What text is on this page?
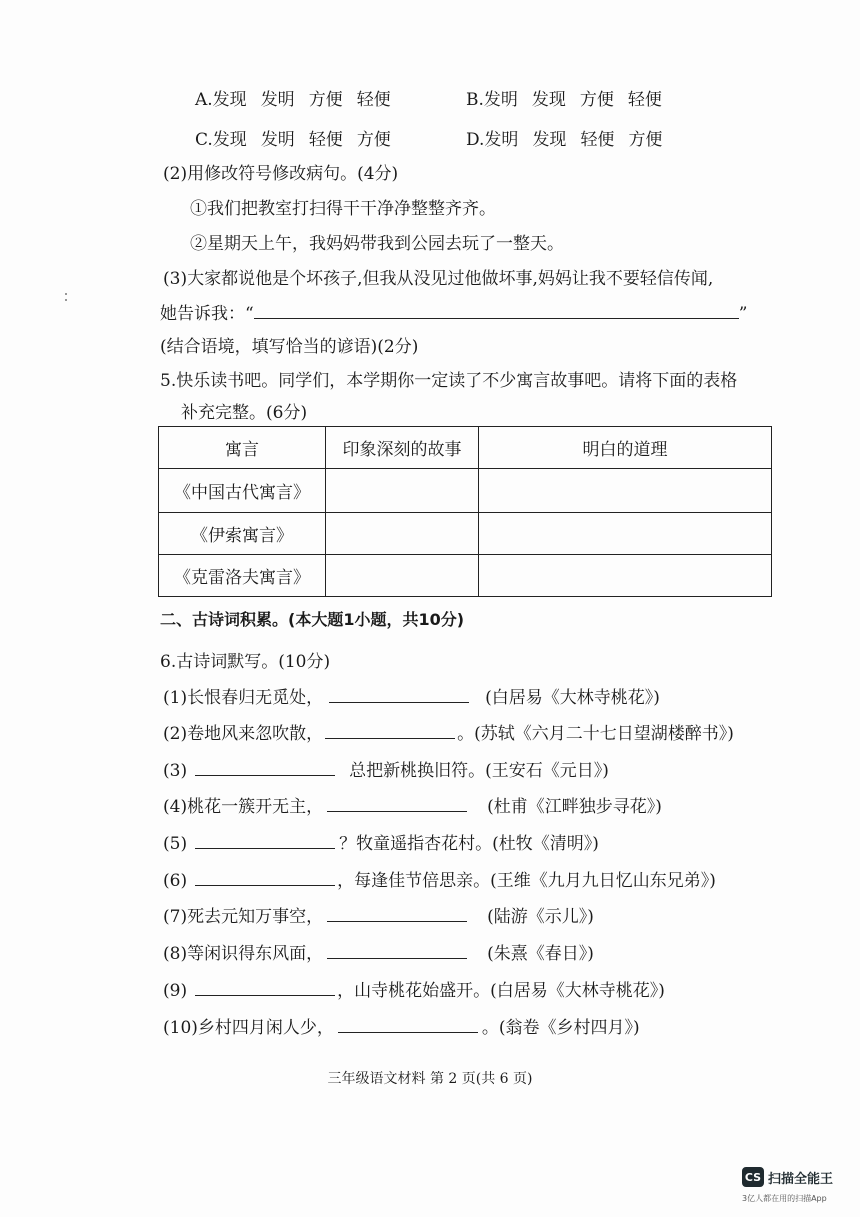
A.发现 发明 方便 轻便	B.发明 发现 方便 轻便
C.发现 发明 轻便 方便	D.发明 发现 轻便 方便
(2)用修改符号修改病句。(4分)
①我们把教室打扫得干干净净整整齐齐。
②星期天上午，我妈妈带我到公园去玩了一整天。
(3)大家都说他是个坏孩子,但我从没见过他做坏事,妈妈让我不要轻信传闻,
她告诉我：“	”
(结合语境，填写恰当的谚语)(2分)
5.快乐读书吧。同学们，本学期你一定读了不少寓言故事吧。请将下面的表格
补充完整。(6分)
寓言	印象深刻的故事	明白的道理
《中国古代寓言》		
《伊索寓言》		
《克雷洛夫寓言》		
二、古诗词积累。(本大题1小题，共10分)
6.古诗词默写。(10分)
(1)长恨春归无觅处，	(白居易《大林寺桃花》)
(2)卷地风来忽吹散，	。(苏轼《六月二十七日望湖楼醉书》)
(3)	总把新桃换旧符。(王安石《元日》)
(4)桃花一簇开无主，	(杜甫《江畔独步寻花》)
(5)	？牧童遥指杏花村。(杜牧《清明》)
(6)	，每逢佳节倍思亲。(王维《九月九日忆山东兄弟》)
(7)死去元知万事空，	(陆游《示儿》)
(8)等闲识得东风面，	(朱熹《春日》)
(9)	，山寺桃花始盛开。(白居易《大林寺桃花》)
(10)乡村四月闲人少，	。(翁卷《乡村四月》)
三年级语文材料 第 2 页(共 6 页)
CS 扫描全能王
3亿人都在用的扫描App
